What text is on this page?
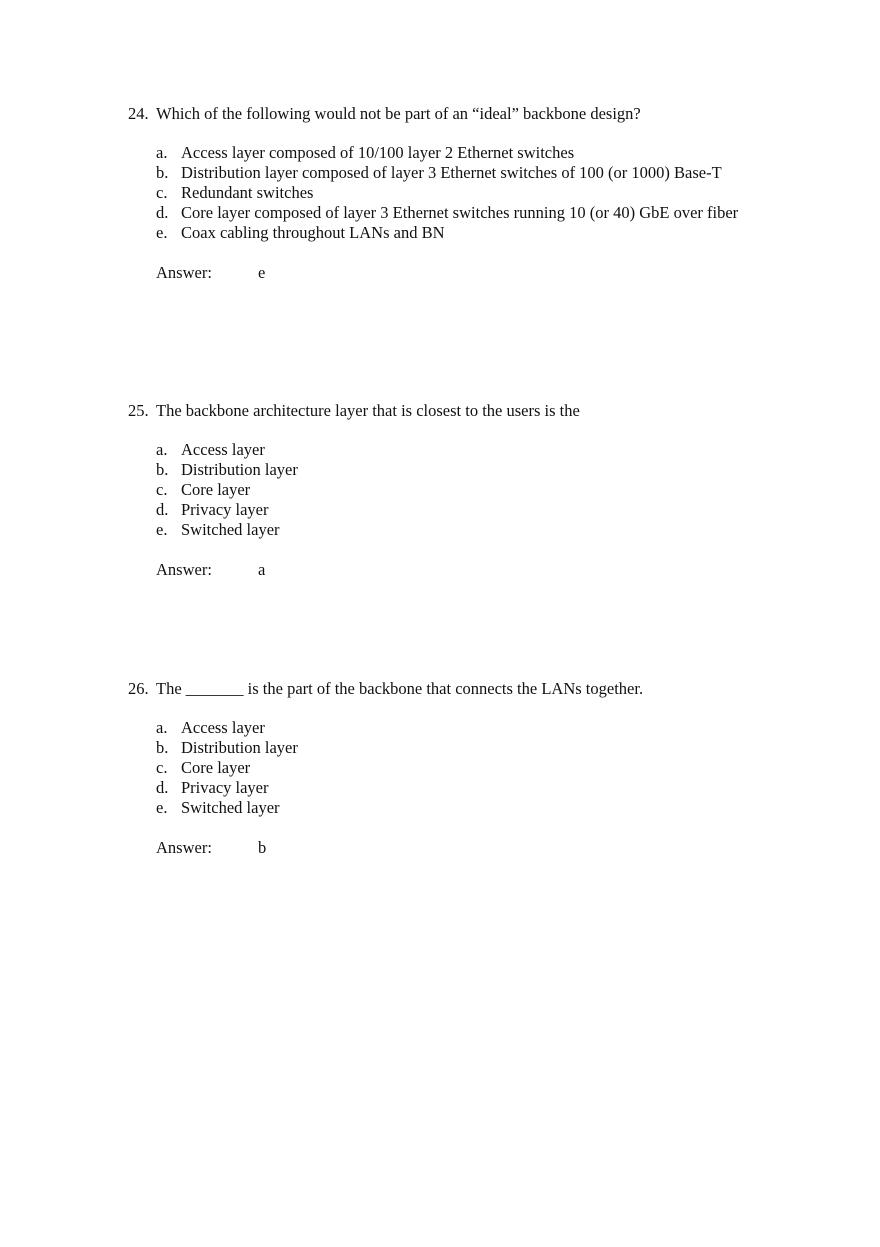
24. Which of the following would not be part of an “ideal” backbone design?
a. Access layer composed of 10/100 layer 2 Ethernet switches
b. Distribution layer composed of layer 3 Ethernet switches of 100 (or 1000) Base-T
c. Redundant switches
d. Core layer composed of layer 3 Ethernet switches running 10 (or 40) GbE over fiber
e. Coax cabling throughout LANs and BN
Answer:	e
25. The backbone architecture layer that is closest to the users is the
a. Access layer
b. Distribution layer
c. Core layer
d. Privacy layer
e. Switched layer
Answer:	a
26. The _______ is the part of the backbone that connects the LANs together.
a. Access layer
b. Distribution layer
c. Core layer
d. Privacy layer
e. Switched layer
Answer:	b
